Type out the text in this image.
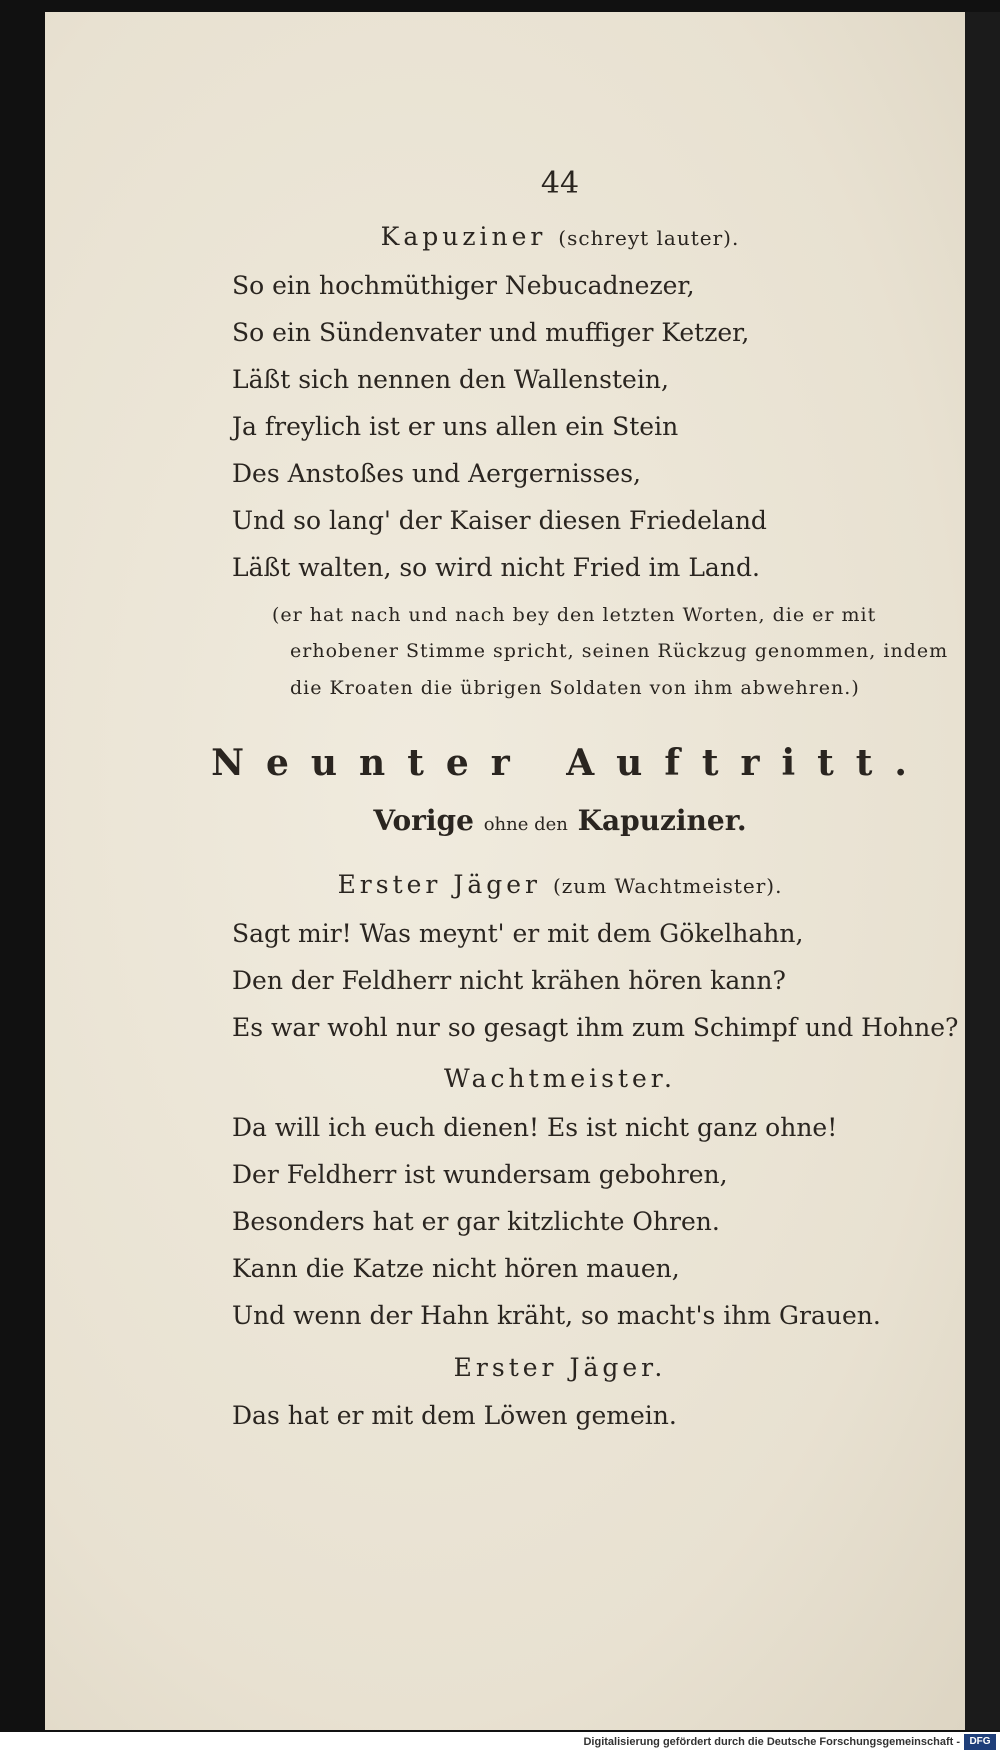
44
Kapuziner (schreyt lauter).
So ein hochmüthiger Nebucadnezer,
So ein Sündenvater und muffiger Ketzer,
Läßt sich nennen den Wallenstein,
Ja freylich ist er uns allen ein Stein
Des Anstoßes und Aergernisses,
Und so lang' der Kaiser diesen Friedeland
Läßt walten, so wird nicht Fried im Land.
(er hat nach und nach bey den letzten Worten, die er mit
erhobener Stimme spricht, seinen Rückzug genommen, indem
die Kroaten die übrigen Soldaten von ihm abwehren.)
Neunter Auftritt.
Vorige ohne den Kapuziner.
Erster Jäger (zum Wachtmeister).
Sagt mir! Was meynt' er mit dem Gökelhahn,
Den der Feldherr nicht krähen hören kann?
Es war wohl nur so gesagt ihm zum Schimpf und Hohne?
Wachtmeister.
Da will ich euch dienen! Es ist nicht ganz ohne!
Der Feldherr ist wundersam gebohren,
Besonders hat er gar kitzlichte Ohren.
Kann die Katze nicht hören mauen,
Und wenn der Hahn kräht, so macht's ihm Grauen.
Erster Jäger.
Das hat er mit dem Löwen gemein.
Digitalisierung gefördert durch die Deutsche Forschungsgemeinschaft - DFG
